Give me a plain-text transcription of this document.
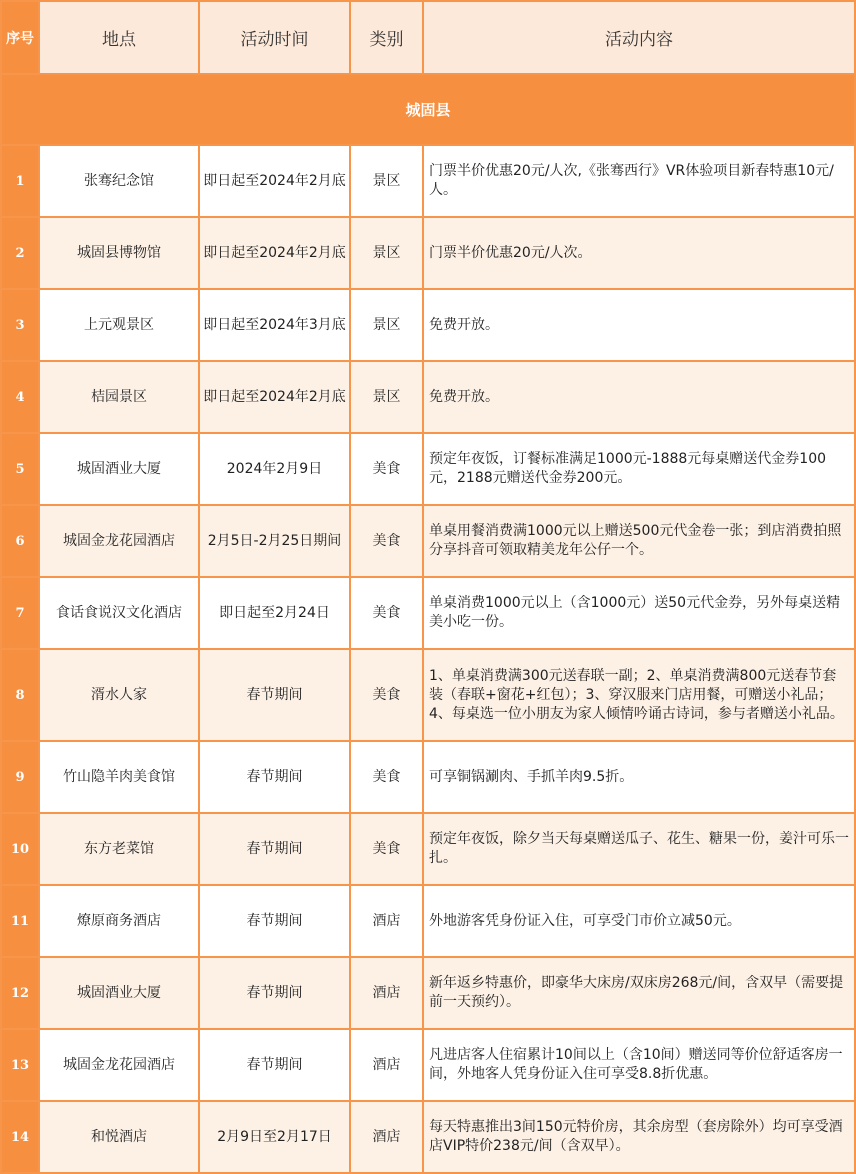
序号	地点	活动时间	类别	活动内容
城固县				
1	张骞纪念馆	即日起至2024年2月底	景区	门票半价优惠20元/人次,《张骞西行》VR体验项目新春特惠10元/人。
2	城固县博物馆	即日起至2024年2月底	景区	门票半价优惠20元/人次。
3	上元观景区	即日起至2024年3月底	景区	免费开放。
4	桔园景区	即日起至2024年2月底	景区	免费开放。
5	城固酒业大厦	2024年2月9日	美食	预定年夜饭，订餐标准满足1000元-1888元每桌赠送代金券100元，2188元赠送代金券200元。
6	城固金龙花园酒店	2月5日-2月25日期间	美食	单桌用餐消费满1000元以上赠送500元代金卷一张；到店消费拍照分享抖音可领取精美龙年公仔一个。
7	食话食说汉文化酒店	即日起至2月24日	美食	单桌消费1000元以上（含1000元）送50元代金券，另外每桌送精美小吃一份。
8	湑水人家	春节期间	美食	1、单桌消费满300元送春联一副；2、单桌消费满800元送春节套装（春联+窗花+红包）；3、穿汉服来门店用餐，可赠送小礼品；4、每桌选一位小朋友为家人倾情吟诵古诗词，参与者赠送小礼品。
9	竹山隐羊肉美食馆	春节期间	美食	可享铜锅涮肉、手抓羊肉9.5折。
10	东方老菜馆	春节期间	美食	预定年夜饭，除夕当天每桌赠送瓜子、花生、糖果一份，姜汁可乐一扎。
11	燎原商务酒店	春节期间	酒店	外地游客凭身份证入住，可享受门市价立减50元。
12	城固酒业大厦	春节期间	酒店	新年返乡特惠价，即豪华大床房/双床房268元/间，含双早（需要提前一天预约）。
13	城固金龙花园酒店	春节期间	酒店	凡进店客人住宿累计10间以上（含10间）赠送同等价位舒适客房一间，外地客人凭身份证入住可享受8.8折优惠。
14	和悦酒店	2月9日至2月17日	酒店	每天特惠推出3间150元特价房，其余房型（套房除外）均可享受酒店VIP特价238元/间（含双早）。
